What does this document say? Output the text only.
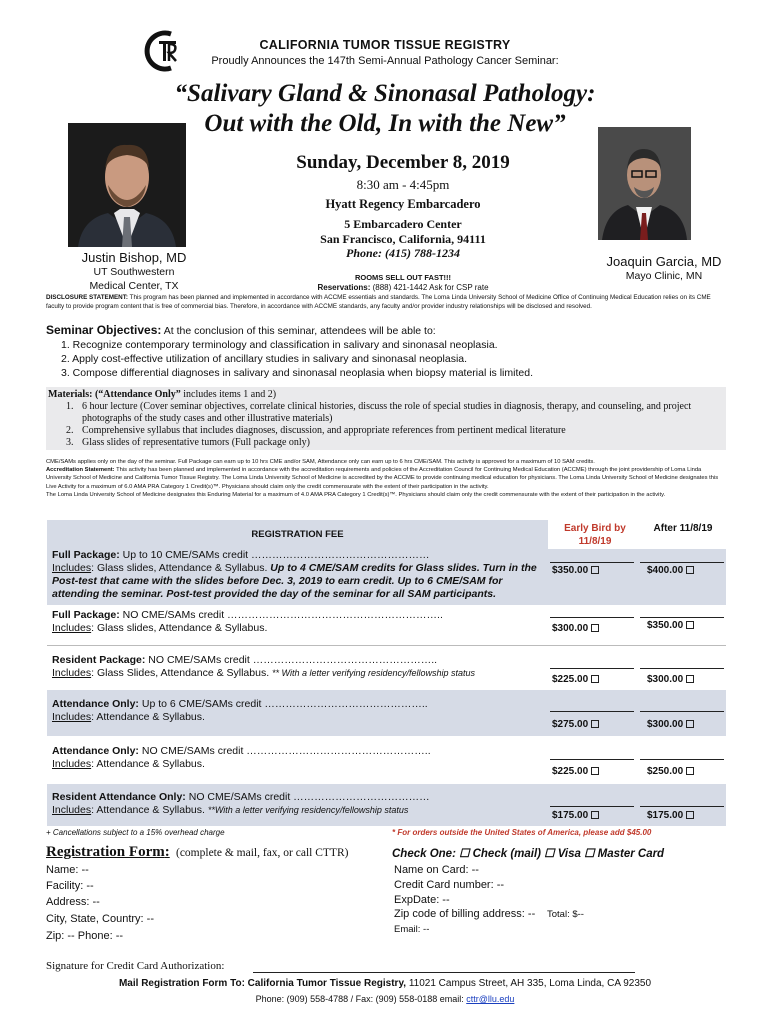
CALIFORNIA TUMOR TISSUE REGISTRY
Proudly Announces the 147th Semi-Annual Pathology Cancer Seminar:
“Salivary Gland & Sinonasal Pathology:
Out with the Old, In with the New”
Sunday, December 8, 2019
8:30 am - 4:45pm
Hyatt Regency Embarcadero
5 Embarcadero Center
San Francisco, California, 94111
Phone: (415) 788-1234
ROOMS SELL OUT FAST!!!
Reservations: (888) 421-1442 Ask for CSP rate
Justin Bishop, MD
UT Southwestern
Medical Center, TX
Joaquin Garcia, MD
Mayo Clinic, MN
DISCLOSURE STATEMENT: This program has been planned and implemented in accordance with ACCME essentials and standards. The Loma Linda University School of Medicine Office of Continuing Medical Education relies on its CME faculty to provide program content that is free of commercial bias. Therefore, in accordance with ACCME standards, any faculty and/or provider industry relationships will be disclosed and resolved.
Seminar Objectives: At the conclusion of this seminar, attendees will be able to:
1. Recognize contemporary terminology and classification in salivary and sinonasal neoplasia.
2. Apply cost-effective utilization of ancillary studies in salivary and sinonasal neoplasia.
3. Compose differential diagnoses in salivary and sinonasal neoplasia when biopsy material is limited.
Materials: (“Attendance Only” includes items 1 and 2)
1. 6 hour lecture (Cover seminar objectives, correlate clinical histories, discuss the role of special studies in diagnosis, therapy, and counseling, and project photographs of the study cases and other illustrative materials)
2. Comprehensive syllabus that includes diagnoses, discussion, and appropriate references from pertinent medical literature
3. Glass slides of representative tumors (Full package only)
CME/SAMs applies only on the day of the seminar. Full Package can earn up to 10 hrs CME and/or SAM, Attendance only can earn up to 6 hrs CME/SAM. This activity is approved for a maximum of 10 SAM credits.
Accreditation Statement: This activity has been planned and implemented in accordance with the accreditation requirements and policies of the Accreditation Council for Continuing Medical Education (ACCME) through the joint providership of Loma Linda University School of Medicine and California Tumor Tissue Registry. The Loma Linda University School of Medicine is accredited by the ACCME to provide continuing medical education for physicians. The Loma Linda University School of Medicine designates this Live Activity for a maximum of 6.0 AMA PRA Category 1 Credit(s)™. Physicians should claim only the credit commensurate with the extent of their participation in the activity.
The Loma Linda University School of Medicine designates this Enduring Material for a maximum of 4.0 AMA PRA Category 1 Credit(s)™. Physicians should claim only the credit commensurate with the extent of their participation in the activity.
REGISTRATION FEE
Early Bird by 11/8/19
After 11/8/19
Full Package: Up to 10 CME/SAMs credit ……………………………………………
Includes: Glass slides, Attendance & Syllabus. Up to 4 CME/SAM credits for Glass slides. Turn in the Post-test that came with the slides before Dec. 3, 2019 to earn credit. Up to 6 CME/SAM for attending the seminar. Post-test provided the day of the seminar for all SAM participants.
$350.00	$400.00
Full Package: NO CME/SAMs credit ……………………………………………………..
Includes: Glass slides, Attendance & Syllabus.	$300.00	$350.00
Resident Package: NO CME/SAMs credit ……………………………………………..
Includes: Glass Slides, Attendance & Syllabus. ** With a letter verifying residency/fellowship status
$225.00	$300.00
Attendance Only: Up to 6 CME/SAMs credit ………………………………………..
Includes: Attendance & Syllabus.
$275.00	$300.00
Attendance Only: NO CME/SAMs credit ……………………………………………..
Includes: Attendance & Syllabus.
$225.00	$250.00
Resident Attendance Only: NO CME/SAMs credit …………………………………
Includes: Attendance & Syllabus. **With a letter verifying residency/fellowship status	$175.00	$175.00
+ Cancellations subject to a 15% overhead charge	* For orders outside the United States of America, please add $45.00
Registration Form: (complete & mail, fax, or call CTTR)
Name: --
Facility: --
Address: --
City, State, Country: --
Zip: -- Phone: --
Check One: ☐ Check (mail) ☐ Visa ☐ Master Card
Name on Card: --
Credit Card number: --
ExpDate: --
Zip code of billing address: -- Total: $--
Email: --
Signature for Credit Card Authorization:
Mail Registration Form To: California Tumor Tissue Registry, 11021 Campus Street, AH 335, Loma Linda, CA 92350
Phone: (909) 558-4788 / Fax: (909) 558-0188 email: cttr@llu.edu
